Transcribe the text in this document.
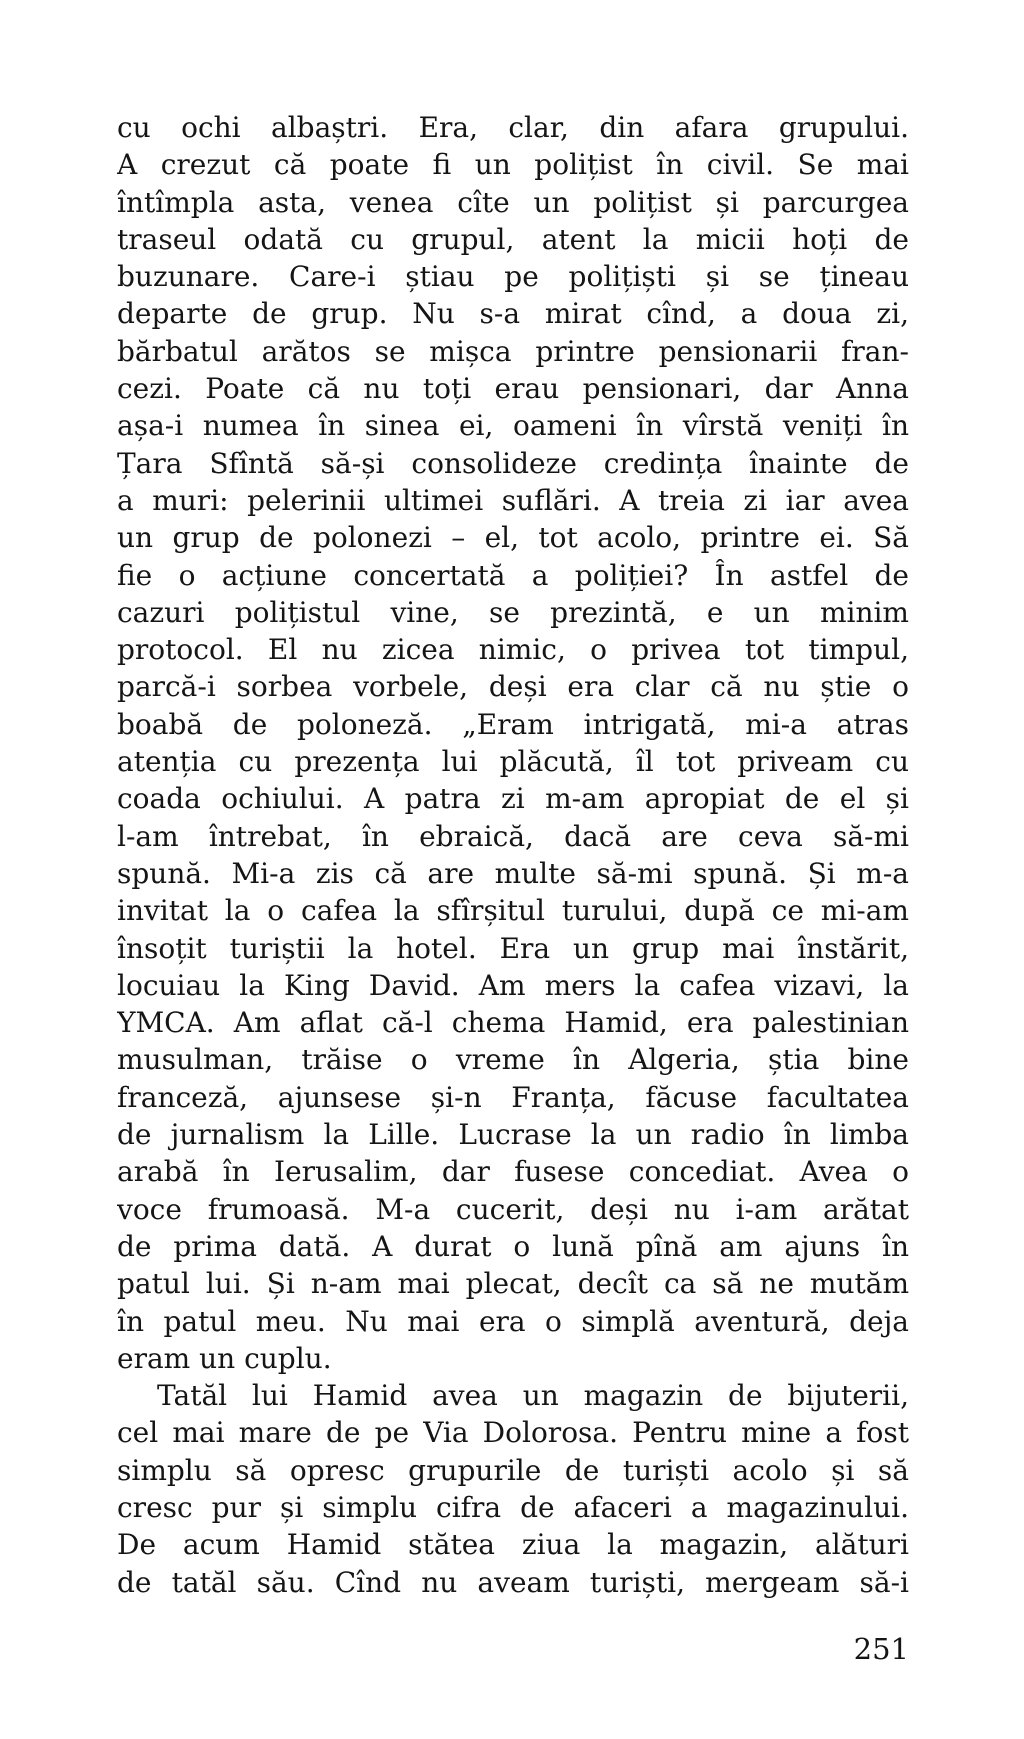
cu ochi albaștri. Era, clar, din afara grupului.
A crezut că poate fi un polițist în civil. Se mai
întîmpla asta, venea cîte un polițist și parcurgea
traseul odată cu grupul, atent la micii hoți de
buzunare. Care-i știau pe polițiști și se țineau
departe de grup. Nu s-a mirat cînd, a doua zi,
bărbatul arătos se mișca printre pensionarii fran-
cezi. Poate că nu toți erau pensionari, dar Anna
așa-i numea în sinea ei, oameni în vîrstă veniți în
Țara Sfîntă să-și consolideze credința înainte de
a muri: pelerinii ultimei suflări. A treia zi iar avea
un grup de polonezi – el, tot acolo, printre ei. Să
fie o acțiune concertată a poliției? În astfel de
cazuri polițistul vine, se prezintă, e un minim
protocol. El nu zicea nimic, o privea tot timpul,
parcă-i sorbea vorbele, deși era clar că nu știe o
boabă de poloneză. „Eram intrigată, mi-a atras
atenția cu prezența lui plăcută, îl tot priveam cu
coada ochiului. A patra zi m-am apropiat de el și
l-am întrebat, în ebraică, dacă are ceva să-mi
spună. Mi-a zis că are multe să-mi spună. Și m-a
invitat la o cafea la sfîrșitul turului, după ce mi-am
însoțit turiștii la hotel. Era un grup mai înstărit,
locuiau la King David. Am mers la cafea vizavi, la
YMCA. Am aflat că-l chema Hamid, era palestinian
musulman, trăise o vreme în Algeria, știa bine
franceză, ajunsese și-n Franța, făcuse facultatea
de jurnalism la Lille. Lucrase la un radio în limba
arabă în Ierusalim, dar fusese concediat. Avea o
voce frumoasă. M-a cucerit, deși nu i-am arătat
de prima dată. A durat o lună pînă am ajuns în
patul lui. Și n-am mai plecat, decît ca să ne mutăm
în patul meu. Nu mai era o simplă aventură, deja
eram un cuplu.
Tatăl lui Hamid avea un magazin de bijuterii,
cel mai mare de pe Via Dolorosa. Pentru mine a fost
simplu să opresc grupurile de turiști acolo și să
cresc pur și simplu cifra de afaceri a magazinului.
De acum Hamid stătea ziua la magazin, alături
de tatăl său. Cînd nu aveam turiști, mergeam să-i
251
